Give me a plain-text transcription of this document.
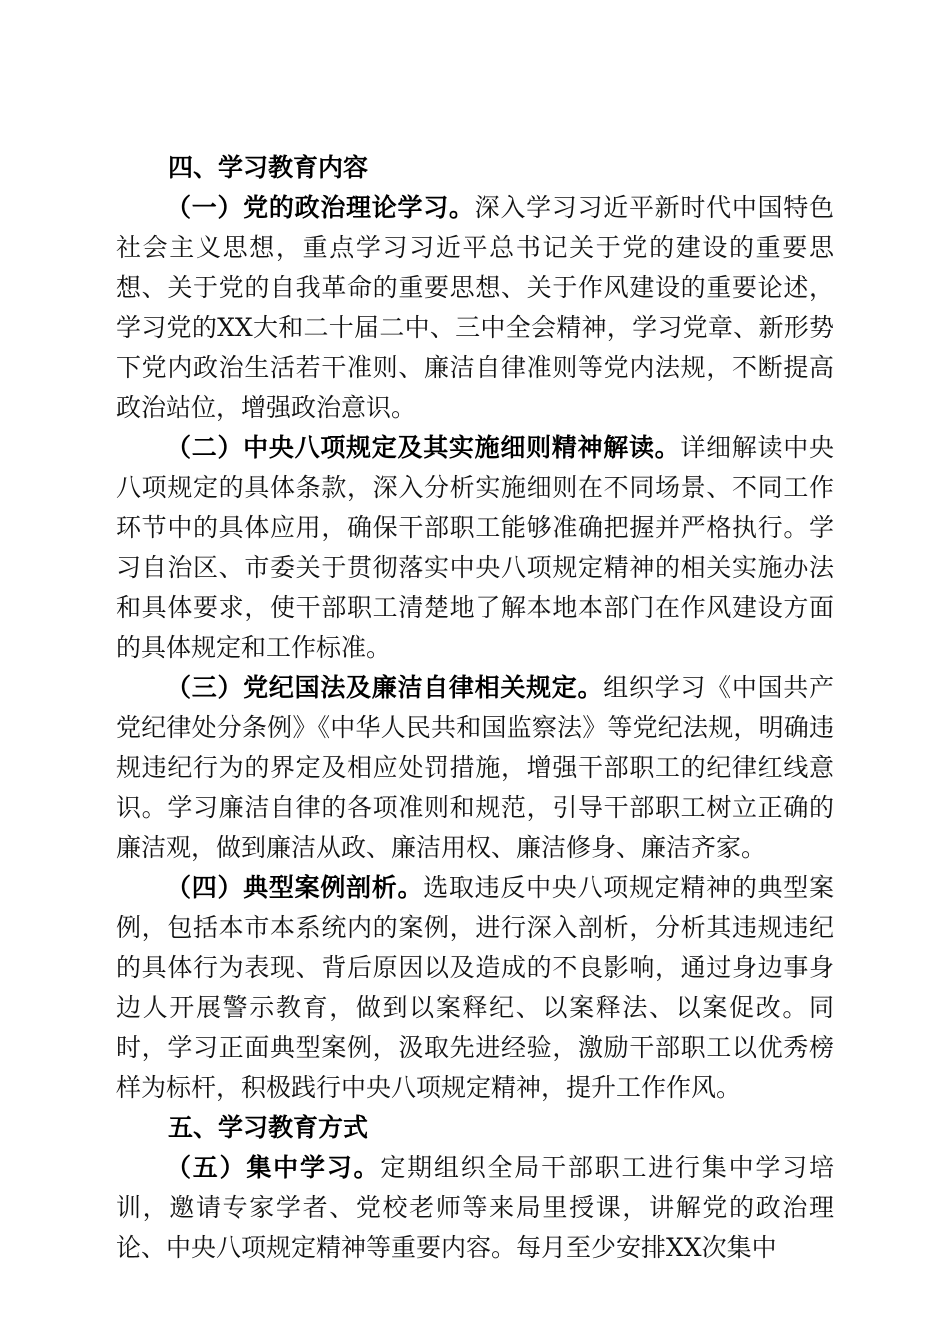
四、学习教育内容

（一）党的政治理论学习。深入学习习近平新时代中国特色社会主义思想，重点学习习近平总书记关于党的建设的重要思想、关于党的自我革命的重要思想、关于作风建设的重要论述，学习党的XX大和二十届二中、三中全会精神，学习党章、新形势下党内政治生活若干准则、廉洁自律准则等党内法规，不断提高政治站位，增强政治意识。

（二）中央八项规定及其实施细则精神解读。详细解读中央八项规定的具体条款，深入分析实施细则在不同场景、不同工作环节中的具体应用，确保干部职工能够准确把握并严格执行。学习自治区、市委关于贯彻落实中央八项规定精神的相关实施办法和具体要求，使干部职工清楚地了解本地本部门在作风建设方面的具体规定和工作标准。

（三）党纪国法及廉洁自律相关规定。组织学习《中国共产党纪律处分条例》《中华人民共和国监察法》等党纪法规，明确违规违纪行为的界定及相应处罚措施，增强干部职工的纪律红线意识。学习廉洁自律的各项准则和规范，引导干部职工树立正确的廉洁观，做到廉洁从政、廉洁用权、廉洁修身、廉洁齐家。

（四）典型案例剖析。选取违反中央八项规定精神的典型案例，包括本市本系统内的案例，进行深入剖析，分析其违规违纪的具体行为表现、背后原因以及造成的不良影响，通过身边事身边人开展警示教育，做到以案释纪、以案释法、以案促改。同时，学习正面典型案例，汲取先进经验，激励干部职工以优秀榜样为标杆，积极践行中央八项规定精神，提升工作作风。

五、学习教育方式

（五）集中学习。定期组织全局干部职工进行集中学习培训，邀请专家学者、党校老师等来局里授课，讲解党的政治理论、中央八项规定精神等重要内容。每月至少安排XX次集中
